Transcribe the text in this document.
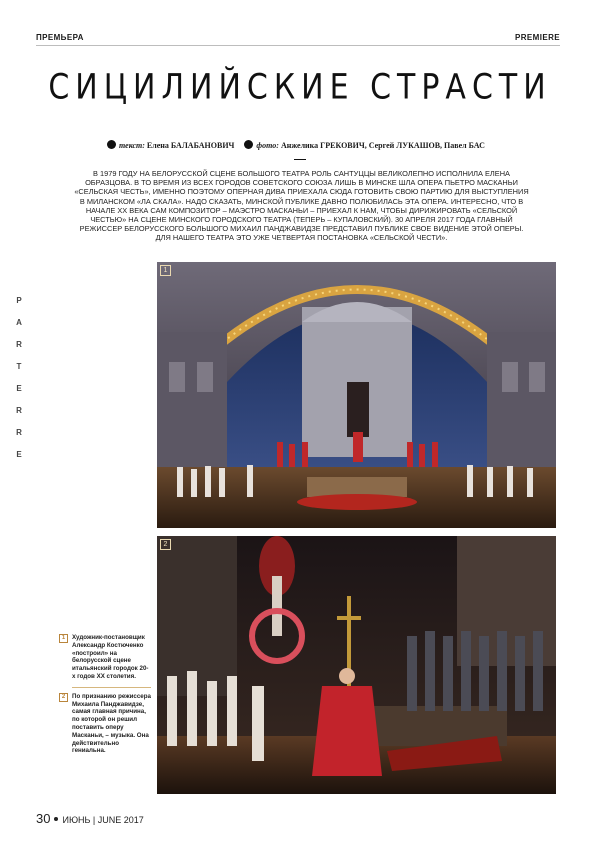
ПРЕМЬЕРА	PREMIERE
СИЦИЛИЙСКИЕ СТРАСТИ
текст: Елена БАЛАБАНОВИЧ	фото: Анжелика ГРЕКОВИЧ, Сергей ЛУКАШОВ, Павел БАС
В 1979 ГОДУ НА БЕЛОРУССКОЙ СЦЕНЕ БОЛЬШОГО ТЕАТРА РОЛЬ САНТУЦЦЫ ВЕЛИКОЛЕПНО ИСПОЛНИЛА ЕЛЕНА ОБРАЗЦОВА. В ТО ВРЕМЯ ИЗ ВСЕХ ГОРОДОВ СОВЕТСКОГО СОЮЗА ЛИШЬ В МИНСКЕ ШЛА ОПЕРА ПЬЕТРО МАСКАНЬИ «СЕЛЬСКАЯ ЧЕСТЬ», ИМЕННО ПОЭТОМУ ОПЕРНАЯ ДИВА ПРИЕХАЛА СЮДА ГОТОВИТЬ СВОЮ ПАРТИЮ ДЛЯ ВЫСТУПЛЕНИЯ В МИЛАНСКОМ «ЛА СКАЛА». НАДО СКАЗАТЬ, МИНСКОЙ ПУБЛИКЕ ДАВНО ПОЛЮБИЛАСЬ ЭТА ОПЕРА. ИНТЕРЕСНО, ЧТО В НАЧАЛЕ XX ВЕКА САМ КОМПОЗИТОР – МАЭСТРО МАСКАНЬИ – ПРИЕХАЛ К НАМ, ЧТОБЫ ДИРИЖИРОВАТЬ «СЕЛЬСКОЙ ЧЕСТЬЮ» НА СЦЕНЕ МИНСКОГО ГОРОДСКОГО ТЕАТРА (ТЕПЕРЬ – КУПАЛОВСКИЙ). 30 АПРЕЛЯ 2017 ГОДА ГЛАВНЫЙ РЕЖИССЕР БЕЛОРУССКОГО БОЛЬШОГО МИХАИЛ ПАНДЖАВИДЗЕ ПРЕДСТАВИЛ ПУБЛИКЕ СВОЕ ВИДЕНИЕ ЭТОЙ ОПЕРЫ. ДЛЯ НАШЕГО ТЕАТРА ЭТО УЖЕ ЧЕТВЕРТАЯ ПОСТАНОВКА «СЕЛЬСКОЙ ЧЕСТИ».
P
A
R
T
E
R
R
E
1
2
1	Художник-постановщик Александр Костюченко «построил» на белорусской сцене итальянский городок 20-х годов XX столетия.
2	По признанию режиссера Михаила Панджавидзе, самая главная причина, по которой он решил поставить оперу Масканьи, – музыка. Она действительно гениальна.
30 ИЮНЬ | JUNE 2017
